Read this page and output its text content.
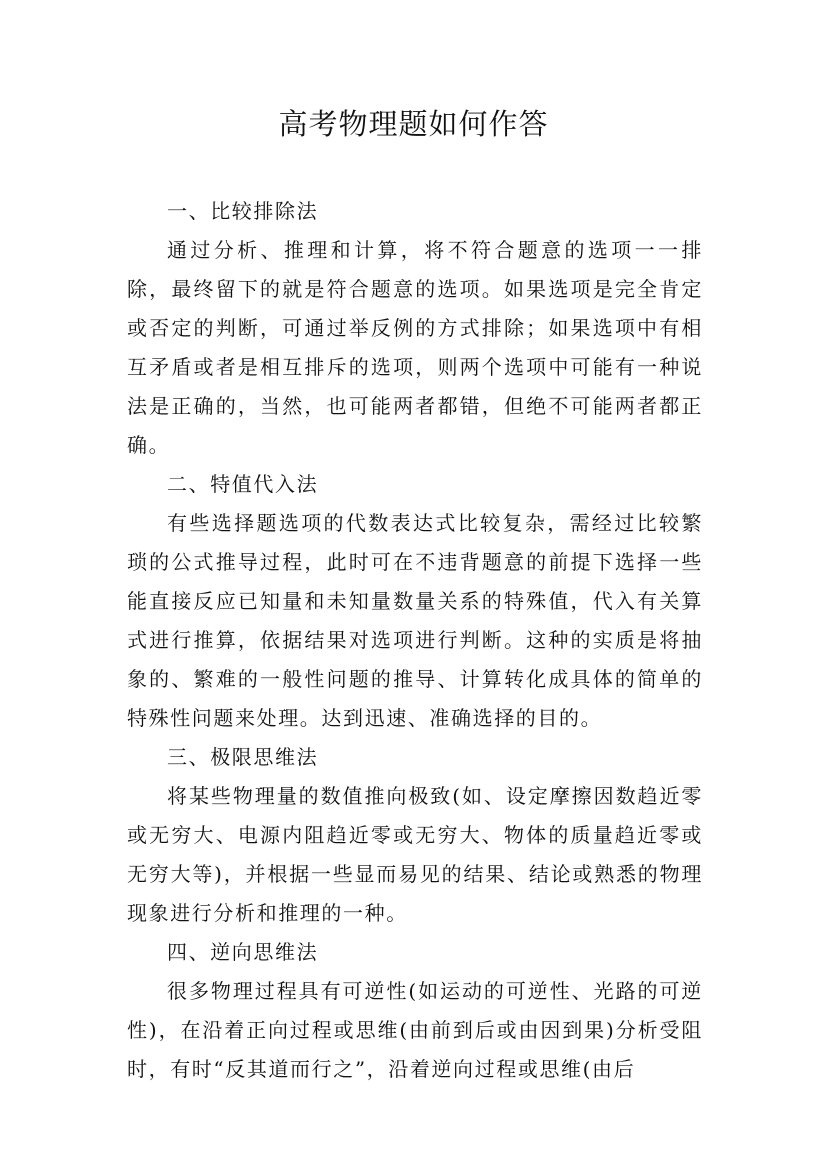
高考物理题如何作答

一、比较排除法

通过分析、推理和计算，将不符合题意的选项一一排除，最终留下的就是符合题意的选项。如果选项是完全肯定或否定的判断，可通过举反例的方式排除；如果选项中有相互矛盾或者是相互排斥的选项，则两个选项中可能有一种说法是正确的，当然，也可能两者都错，但绝不可能两者都正确。

二、特值代入法

有些选择题选项的代数表达式比较复杂，需经过比较繁琐的公式推导过程，此时可在不违背题意的前提下选择一些能直接反应已知量和未知量数量关系的特殊值，代入有关算式进行推算，依据结果对选项进行判断。这种的实质是将抽象的、繁难的一般性问题的推导、计算转化成具体的简单的特殊性问题来处理。达到迅速、准确选择的目的。

三、极限思维法

将某些物理量的数值推向极致(如、设定摩擦因数趋近零或无穷大、电源内阻趋近零或无穷大、物体的质量趋近零或无穷大等)，并根据一些显而易见的结果、结论或熟悉的物理现象进行分析和推理的一种。

四、逆向思维法

很多物理过程具有可逆性(如运动的可逆性、光路的可逆性)，在沿着正向过程或思维(由前到后或由因到果)分析受阻时，有时“反其道而行之”，沿着逆向过程或思维(由后
